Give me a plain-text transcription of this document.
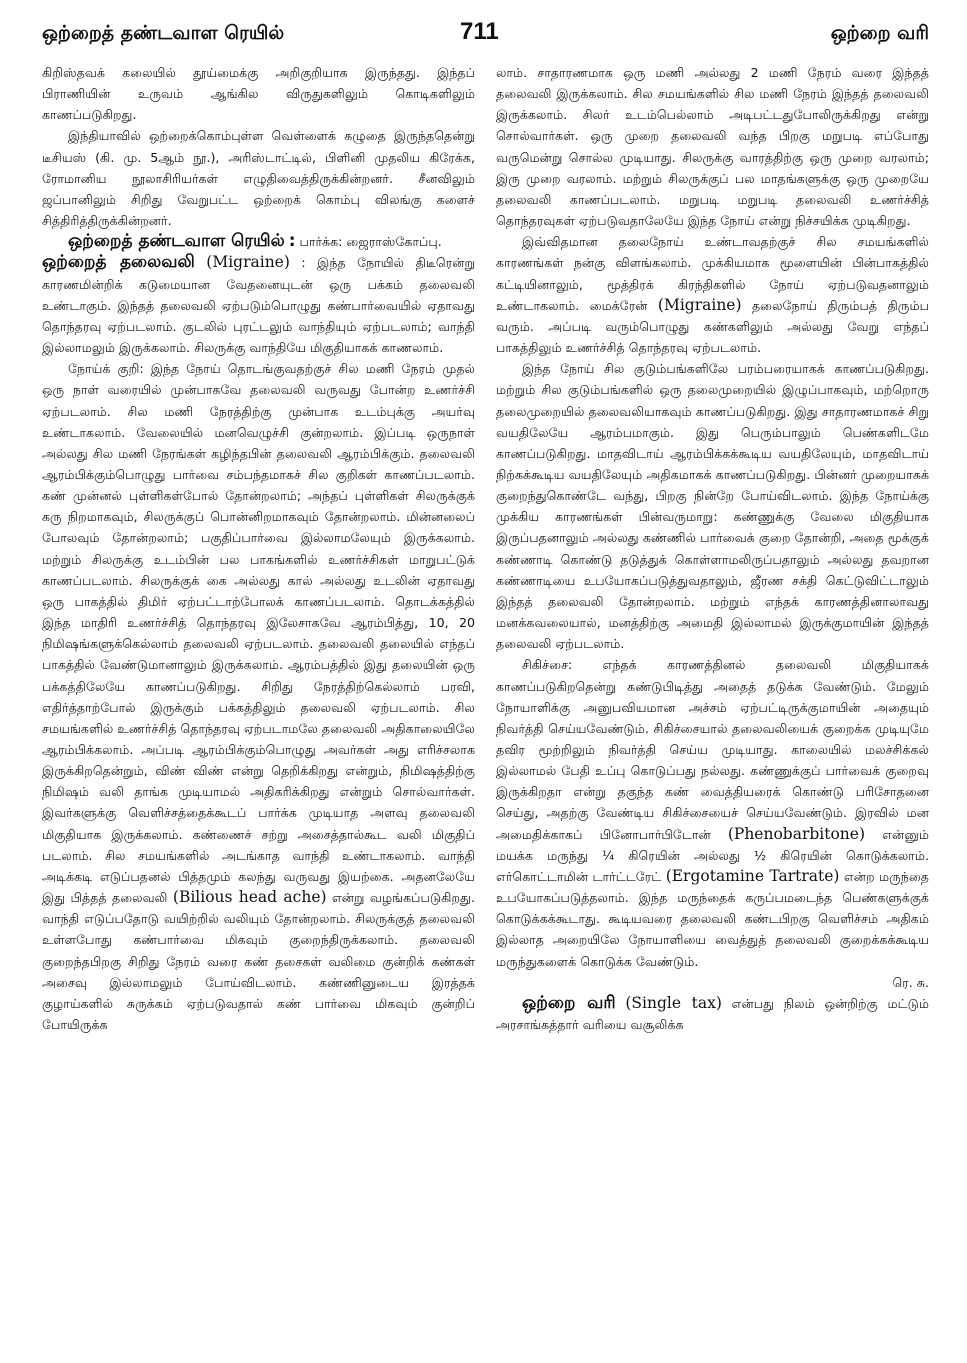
ஒற்றைத் தண்டவாள ரெயில்	711	ஒற்றை வரி

கிறிஸ்தவக் கலையில் தூய்மைக்கு அறிகுறியாக இருந்தது. இந்தப் பிராணியின் உருவம் ஆங்கில விருதுகளிலும் கொடிகளிலும் காணப்படுகிறது.

இந்தியாவில் ஒற்றைக்கொம்புள்ள வெள்ளைக் கழுதை இருந்ததென்று டீசியஸ் (கி. மு. 5ஆம் நூ.), அரிஸ்டாட்டில், பிளினி முதலிய கிரேக்க, ரோமானிய நூலாசிரியர்கள் எழுதிவைத்திருக்கின்றனர். சீனவிலும் ஜப்பானிலும் சிறிது வேறுபட்ட ஒற்றைக் கொம்பு விலங்கு களைச் சித்திரித்திருக்கின்றனர்.

ஒற்றைத் தண்டவாள ரெயில் : பார்க்க: ஜைராஸ்கோப்பு.

ஒற்றைத் தலைவலி (Migraine) : இந்த நோயில் திடீரென்று காரணமின்றிக் கடுமையான வேதனையுடன் ஒரு பக்கம் தலைவலி உண்டாகும். இந்தத் தலைவலி ஏற்படும்பொழுது கண்பார்வையில் ஏதாவது தொந்தரவு ஏற்படலாம். குடலில் புரட்டலும் வாந்தியும் ஏற்படலாம்; வாந்தி இல்லாமலும் இருக்கலாம். சிலருக்கு வாந்தியே மிகுதியாகக் காணலாம்.

நோய்க் குறி: இந்த நோய் தொடங்குவதற்குச் சில மணி நேரம் முதல் ஒரு நாள் வரையில் முன்பாகவே தலைவலி வருவது போன்ற உணர்ச்சி ஏற்படலாம். சில மணி நேரத்திற்கு முன்பாக உடம்புக்கு அயர்வு உண்டாகலாம். வேலையில் மனவெழுச்சி குன்றலாம். இப்படி ஒருநாள் அல்லது சில மணி நேரங்கள் கழிந்தபின் தலைவலி ஆரம்பிக்கும். தலைவலி ஆரம்பிக்கும்பொழுது பார்வை சம்பந்தமாகச் சில குறிகள் காணப்படலாம். கண் முன்னல் புள்ளிகள்போல் தோன்றலாம்; அந்தப் புள்ளிகள் சிலருக்குக் கரு நிறமாகவும், சிலருக்குப் பொன்னிறமாகவும் தோன்றலாம். மின்னலைப் போலவும் தோன்றலாம்; பகுதிப்பார்வை இல்லாமலேயும் இருக்கலாம். மற்றும் சிலருக்கு உடம்பின் பல பாகங்களில் உணர்ச்சிகள் மாறுபட்டுக் காணப்படலாம். சிலருக்குக் கை அல்லது கால் அல்லது உடலின் ஏதாவது ஒரு பாகத்தில் திமிர் ஏற்பட்டாற்போலக் காணப்படலாம். தொடக்கத்தில் இந்த மாதிரி உணர்ச்சித் தொந்தரவு இலேசாகவே ஆரம்பித்து, 10, 20 நிமிஷங்களுக்கெல்லாம் தலைவலி ஏற்படலாம். தலைவலி தலையில் எந்தப் பாகத்தில் வேண்டுமானாலும் இருக்கலாம். ஆரம்பத்தில் இது தலையின் ஒரு பக்கத்திலேயே காணப்படுகிறது. சிறிது நேரத்திற்கெல்லாம் பரவி, எதிர்த்தாற்போல் இருக்கும் பக்கத்திலும் தலைவலி ஏற்படலாம். சில சமயங்களில் உணர்ச்சித் தொந்தரவு ஏற்படாமலே தலைவலி அதிகாலையிலே ஆரம்பிக்கலாம். அப்படி ஆரம்பிக்கும்பொழுது அவர்கள் அது எரிச்சலாக இருக்கிறதென்றும், விண் விண் என்று தெறிக்கிறது என்றும், நிமிஷத்திற்கு நிமிஷம் வலி தாங்க முடியாமல் அதிகரிக்கிறது என்றும் சொல்வார்கள். இவர்களுக்கு வெளிச்சத்தைக்கூடப் பார்க்க முடியாத அளவு தலைவலி மிகுதியாக இருக்கலாம். கண்ணைச் சற்று அசைத்தால்கூட வலி மிகுதிப் படலாம். சில சமயங்களில் அடங்காத வாந்தி உண்டாகலாம். வாந்தி அடிக்கடி எடுப்பதனல் பித்தமும் கலந்து வருவது இயற்கை. அதனலேயே இது பித்தத் தலைவலி (Bilious head ache) என்று வழங்கப்படுகிறது. வாந்தி எடுப்பதோடு வயிற்றில் வலியும் தோன்றலாம். சிலருக்குத் தலைவலி உள்ளபோது கண்பார்வை மிகவும் குறைந்திருக்கலாம். தலைவலி குறைந்தபிறகு சிறிது நேரம் வரை கண் தசைகள் வலிமை குன்றிக் கண்கள் அசைவு இல்லாமலும் போய்விடலாம். கண்ணினுடைய இரத்தக் குழாய்களில் சுருக்கம் ஏற்படுவதால் கண் பார்வை மிகவும் குன்றிப் போயிருக்க

லாம். சாதாரணமாக ஒரு மணி அல்லது 2 மணி நேரம் வரை இந்தத் தலைவலி இருக்கலாம். சில சமயங்களில் சில மணி நேரம் இந்தத் தலைவலி இருக்கலாம். சிலர் உடம்பெல்லாம் அடிபட்டதுபோலிருக்கிறது என்று சொல்வார்கள். ஒரு முறை தலைவலி வந்த பிறகு மறுபடி எப்போது வருமென்று சொல்ல முடியாது. சிலருக்கு வாரத்திற்கு ஒரு முறை வரலாம்; இரு முறை வரலாம். மற்றும் சிலருக்குப் பல மாதங்களுக்கு ஒரு முறையே தலைவலி காணப்படலாம். மறுபடி மறுபடி தலைவலி உணர்ச்சித் தொந்தரவுகள் ஏற்படுவதாலேயே இந்த நோய் என்று நிச்சயிக்க முடிகிறது.

இவ்விதமான தலைநோய் உண்டாவதற்குச் சில சமயங்களில் காரணங்கள் நன்கு விளங்கலாம். முக்கியமாக மூளையின் பின்பாகத்தில் கட்டியினாலும், மூத்திரக் கிரந்திகளில் நோய் ஏற்படுவதனாலும் உண்டாகலாம். மைக்ரேன் (Migraine) தலைநோய் திரும்பத் திரும்ப வரும். அப்படி வரும்பொழுது கண்களிலும் அல்லது வேறு எந்தப் பாகத்திலும் உணர்ச்சித் தொந்தரவு ஏற்படலாம்.

இந்த நோய் சில குடும்பங்களிலே பரம்பரையாகக் காணப்படுகிறது. மற்றும் சில குடும்பங்களில் ஒரு தலைமுறையில் இழுப்பாகவும், மற்றொரு தலைமுறையில் தலைவலியாகவும் காணப்படுகிறது. இது சாதாரணமாகச் சிறு வயதிலேயே ஆரம்பமாகும். இது பெரும்பாலும் பெண்களிடமே காணப்படுகிறது. மாதவிடாய் ஆரம்பிக்கக்கூடிய வயதிலேயும், மாதவிடாய் நிற்கக்கூடிய வயதிலேயும் அதிகமாகக் காணப்படுகிறது. பின்னர் முறையாகக் குறைந்துகொண்டே வந்து, பிறகு நின்றே போய்விடலாம். இந்த நோய்க்கு முக்கிய காரணங்கள் பின்வருமாறு: கண்ணுக்கு வேலை மிகுதியாக இருப்பதனாலும் அல்லது கண்ணில் பார்வைக் குறை தோன்றி, அதை மூக்குக் கண்ணாடி கொண்டு தடுத்துக் கொள்ளாமலிருப்பதாலும் அல்லது தவறான கண்ணாடியை உபயோகப்படுத்துவதாலும், ஜீரண சக்தி கெட்டுவிட்டாலும் இந்தத் தலைவலி தோன்றலாம். மற்றும் எந்தக் காரணத்தினாலாவது மனக்கவலையால், மனத்திற்கு அமைதி இல்லாமல் இருக்குமாயின் இந்தத் தலைவலி ஏற்படலாம்.

சிகிச்சை: எந்தக் காரணத்தினல் தலைவலி மிகுதியாகக் காணப்படுகிறதென்று கண்டுபிடித்து அதைத் தடுக்க வேண்டும். மேலும் நோயாளிக்கு அனுபவியமான அச்சம் ஏற்பட்டிருக்குமாயின் அதையும் நிவர்த்தி செய்யவேண்டும். சிகிச்சையால் தலைவலியைக் குறைக்க முடியுமே தவிர மூற்றிலும் நிவர்த்தி செய்ய முடியாது. காலையில் மலச்சிக்கல் இல்லாமல் பேதி உப்பு கொடுப்பது நல்லது. கண்ணுக்குப் பார்வைக் குறைவு இருக்கிறதா என்று தகுந்த கண் வைத்தியரைக் கொண்டு பரிசோதனை செய்து, அதற்கு வேண்டிய சிகிச்சையைச் செய்யவேண்டும். இரவில் மன அமைதிக்காகப் பினோபார்பிடோன் (Phenobarbitone) என்னும் மயக்க மருந்து ¼ கிரெயின் அல்லது ½ கிரெயின் கொடுக்கலாம். எர்கொட்டாமின் டார்ட்டரேட் (Ergotamine Tartrate) என்ற மருந்தை உபயோகப்படுத்தலாம். இந்த மருந்தைக் கருப்பமடைந்த பெண்களுக்குக் கொடுக்கக்கூடாது. கூடியவரை தலைவலி கண்டபிறகு வெளிச்சம் அதிகம் இல்லாத அறையிலே நோயாளியை வைத்துத் தலைவலி குறைக்கக்கூடிய மருந்துகளைக் கொடுக்க வேண்டும்.
ரெ. சு.

ஒற்றை வரி (Single tax) என்பது நிலம் ஒன்றிற்கு மட்டும் அரசாங்கத்தார் வரியை வசூலிக்க
